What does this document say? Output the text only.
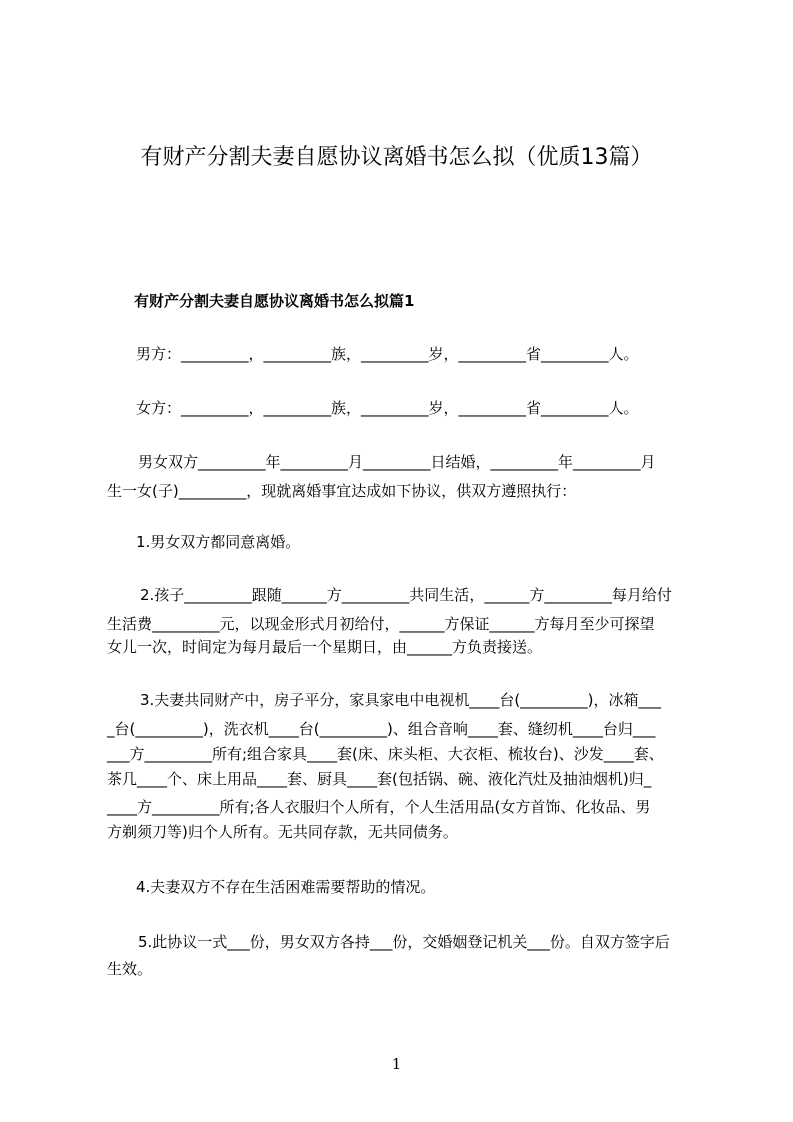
有财产分割夫妻自愿协议离婚书怎么拟（优质13篇）
有财产分割夫妻自愿协议离婚书怎么拟篇1

男方：_________，_________族，_________岁，_________省_________人。

女方：_________，_________族，_________岁，_________省_________人。

男女双方_________年_________月_________日结婚，_________年_________月

生一女(子)_________，现就离婚事宜达成如下协议，供双方遵照执行：

1.男女双方都同意离婚。

2.孩子_________跟随______方_________共同生活，______方_________每月给付

生活费_________元，以现金形式月初给付，______方保证______方每月至少可探望

女儿一次，时间定为每月最后一个星期日，由______方负责接送。

3.夫妻共同财产中，房子平分，家具家电中电视机____台(_________)，冰箱___

_台(_________)，洗衣机____台(_________)、组合音响____套、缝纫机____台归___

___方_________所有;组合家具____套(床、床头柜、大衣柜、梳妆台)、沙发____套、

茶几____个、床上用品____套、厨具____套(包括锅、碗、液化汽灶及抽油烟机)归_

____方_________所有;各人衣服归个人所有，个人生活用品(女方首饰、化妆品、男

方剃须刀等)归个人所有。无共同存款，无共同债务。

4.夫妻双方不存在生活困难需要帮助的情况。

5.此协议一式___份，男女双方各持___份，交婚姻登记机关___份。自双方签字后

生效。

1
